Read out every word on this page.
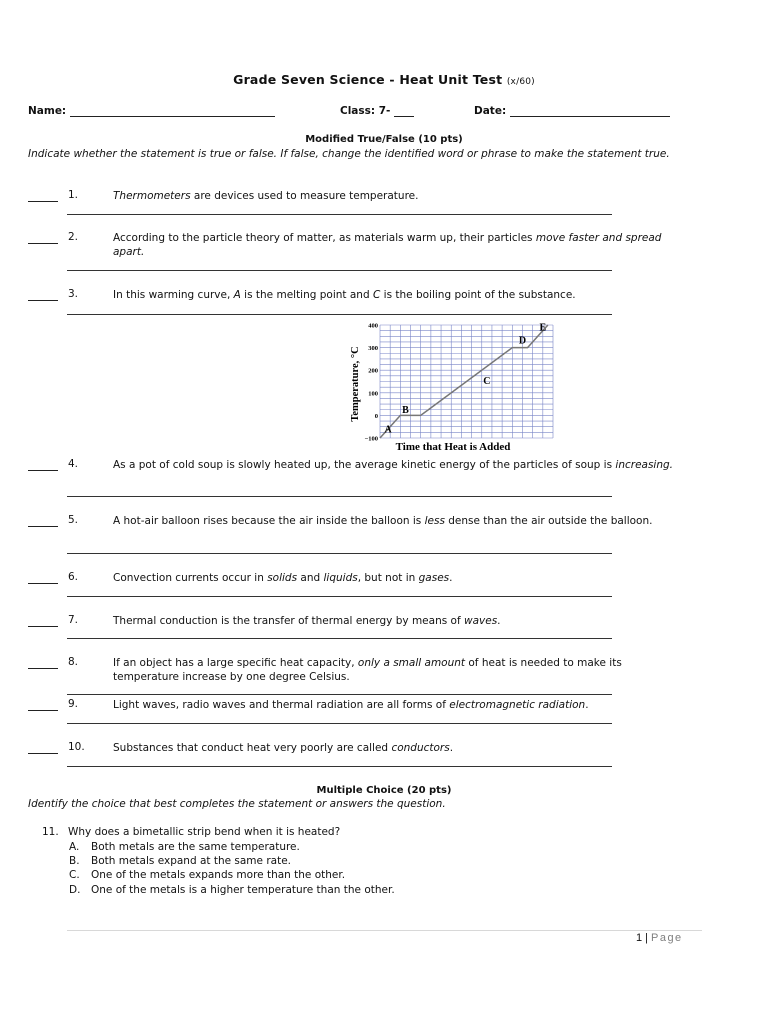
Grade Seven Science - Heat Unit Test (x/60)
Name:	Class: 7-	Date:
Modified True/False (10 pts)
Indicate whether the statement is true or false. If false, change the identified word or phrase to make the statement true.
1.	Thermometers are devices used to measure temperature.
2.	According to the particle theory of matter, as materials warm up, their particles move faster and spread apart.
3.	In this warming curve, A is the melting point and C is the boiling point of the substance.
400
300
200
100
0
−100
A
B
C
D
E
Time that Heat is Added
Temperature, °C
4.	As a pot of cold soup is slowly heated up, the average kinetic energy of the particles of soup is increasing.
5.	A hot-air balloon rises because the air inside the balloon is less dense than the air outside the balloon.
6.	Convection currents occur in solids and liquids, but not in gases.
7.	Thermal conduction is the transfer of thermal energy by means of waves.
8.	If an object has a large specific heat capacity, only a small amount of heat is needed to make its temperature increase by one degree Celsius.
9.	Light waves, radio waves and thermal radiation are all forms of electromagnetic radiation.
10.	Substances that conduct heat very poorly are called conductors.
Multiple Choice (20 pts)
Identify the choice that best completes the statement or answers the question.
11. Why does a bimetallic strip bend when it is heated?
A. Both metals are the same temperature.
B. Both metals expand at the same rate.
C. One of the metals expands more than the other.
D. One of the metals is a higher temperature than the other.
1 | Page
